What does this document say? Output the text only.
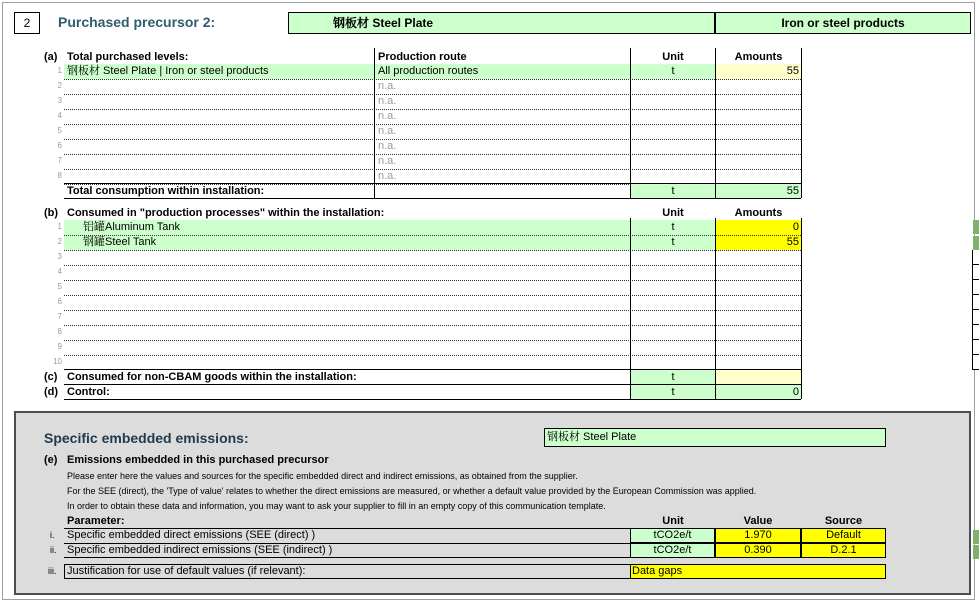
2	Purchased precursor 2:	钢板材 Steel Plate	Iron or steel products
(a) Total purchased levels:	Production route	Unit	Amounts
1 钢板材 Steel Plate | Iron or steel products	All production routes	t	55
2	n.a.
3	n.a.
4	n.a.
5	n.a.
6	n.a.
7	n.a.
8	n.a.
Total consumption within installation:	t	55
(b) Consumed in "production processes" within the installation:	Unit	Amounts
1 铝罐Aluminum Tank	t	0
2 钢罐Steel Tank	t	55
3
4
5
6
7
8
9
10
(c) Consumed for non-CBAM goods within the installation:	t
(d) Control:	t	0
Specific embedded emissions:	钢板材 Steel Plate
(e) Emissions embedded in this purchased precursor
Please enter here the values and sources for the specific embedded direct and indirect emissions, as obtained from the supplier.
For the SEE (direct), the 'Type of value' relates to whether the direct emissions are measured, or whether a default value provided by the European Commission was applied.
In order to obtain these data and information, you may want to ask your supplier to fill in an empty copy of this communication template.
Parameter:	Unit	Value	Source
i. Specific embedded direct emissions (SEE (direct) )	tCO2e/t	1.970	Default
ii. Specific embedded indirect emissions (SEE (indirect) )	tCO2e/t	0.390	D.2.1
iii. Justification for use of default values (if relevant):	Data gaps
